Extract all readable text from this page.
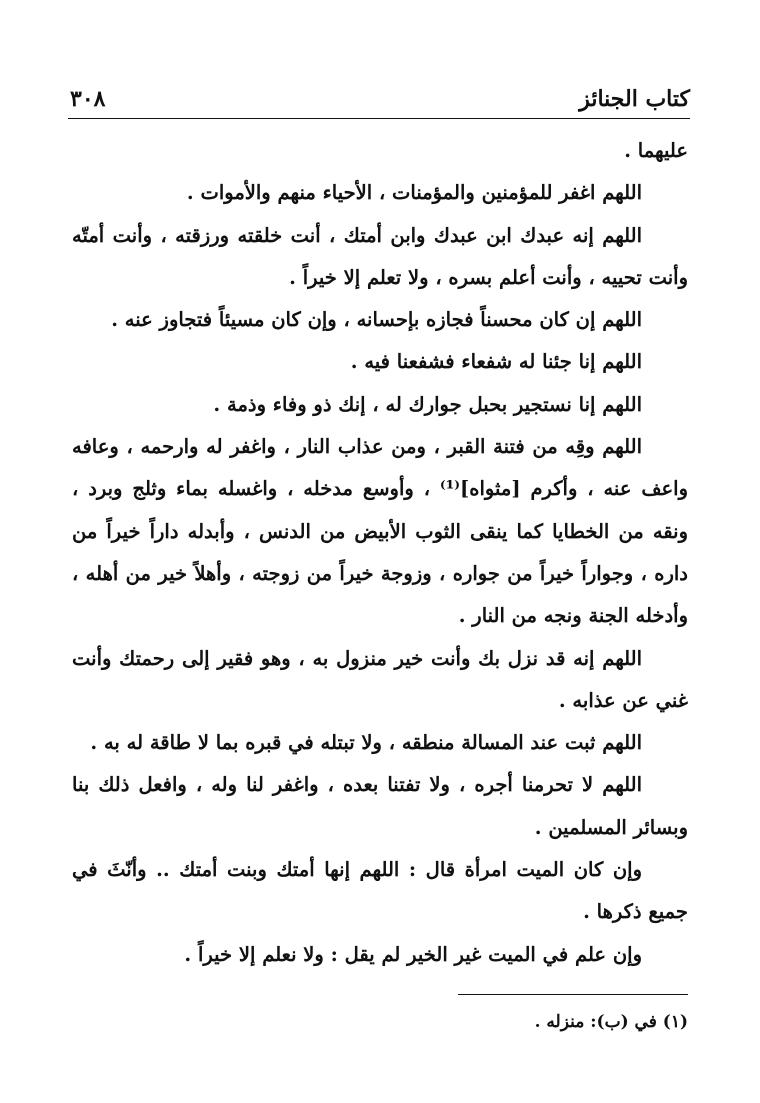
كتاب الجنائز
٣٠٨

عليهما .

اللهم اغفر للمؤمنين والمؤمنات ، الأحياء منهم والأموات .

اللهم إنه عبدك ابن عبدك وابن أمتك ، أنت خلقته ورزقته ، وأنت أمتّه وأنت تحييه ، وأنت أعلم بسره ، ولا تعلم إلا خيراً .

اللهم إن كان محسناً فجازه بإحسانه ، وإن كان مسيئاً فتجاوز عنه .

اللهم إنا جئنا له شفعاء فشفعنا فيه .

اللهم إنا نستجير بحبل جوارك له ، إنك ذو وفاء وذمة .

اللهم وقِه من فتنة القبر ، ومن عذاب النار ، واغفر له وارحمه ، وعافه واعف عنه ، وأكرم [مثواه]⁽¹⁾ ، وأوسع مدخله ، واغسله بماء وثلج وبرد ، ونقه من الخطايا كما ينقى الثوب الأبيض من الدنس ، وأبدله داراً خيراً من داره ، وجواراً خيراً من جواره ، وزوجة خيراً من زوجته ، وأهلاً خير من أهله ، وأدخله الجنة ونجه من النار .

اللهم إنه قد نزل بك وأنت خير منزول به ، وهو فقير إلى رحمتك وأنت غني عن عذابه .

اللهم ثبت عند المسالة منطقه ، ولا تبتله في قبره بما لا طاقة له به .

اللهم لا تحرمنا أجره ، ولا تفتنا بعده ، واغفر لنا وله ، وافعل ذلك بنا وبسائر المسلمين .

وإن كان الميت امرأة قال : اللهم إنها أمتك وبنت أمتك .. وأنّثَ في جميع ذكرها .

وإن علم في الميت غير الخير لم يقل : ولا نعلم إلا خيراً .

(١) في (ب): منزله .
